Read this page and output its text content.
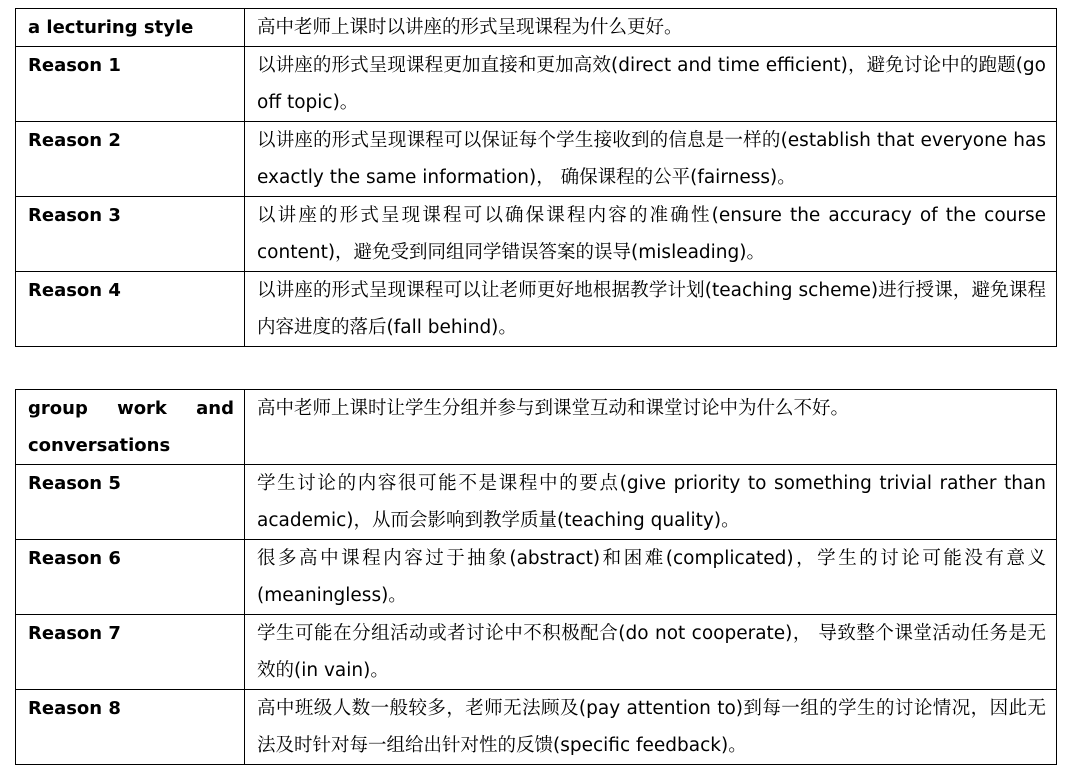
a lecturing style	高中老师上课时以讲座的形式呈现课程为什么更好。
Reason 1	以讲座的形式呈现课程更加直接和更加高效(direct and time efficient)，避免讨论中的跑题(go off topic)。
Reason 2	以讲座的形式呈现课程可以保证每个学生接收到的信息是一样的(establish that everyone has exactly the same information)， 确保课程的公平(fairness)。
Reason 3	以讲座的形式呈现课程可以确保课程内容的准确性(ensure the accuracy of the course content)，避免受到同组同学错误答案的误导(misleading)。
Reason 4	以讲座的形式呈现课程可以让老师更好地根据教学计划(teaching scheme)进行授课，避免课程内容进度的落后(fall behind)。
group work and conversations	高中老师上课时让学生分组并参与到课堂互动和课堂讨论中为什么不好。
Reason 5	学生讨论的内容很可能不是课程中的要点(give priority to something trivial rather than academic)，从而会影响到教学质量(teaching quality)。
Reason 6	很多高中课程内容过于抽象(abstract)和困难(complicated)，学生的讨论可能没有意义(meaningless)。
Reason 7	学生可能在分组活动或者讨论中不积极配合(do not cooperate)， 导致整个课堂活动任务是无效的(in vain)。
Reason 8	高中班级人数一般较多，老师无法顾及(pay attention to)到每一组的学生的讨论情况，因此无法及时针对每一组给出针对性的反馈(specific feedback)。
